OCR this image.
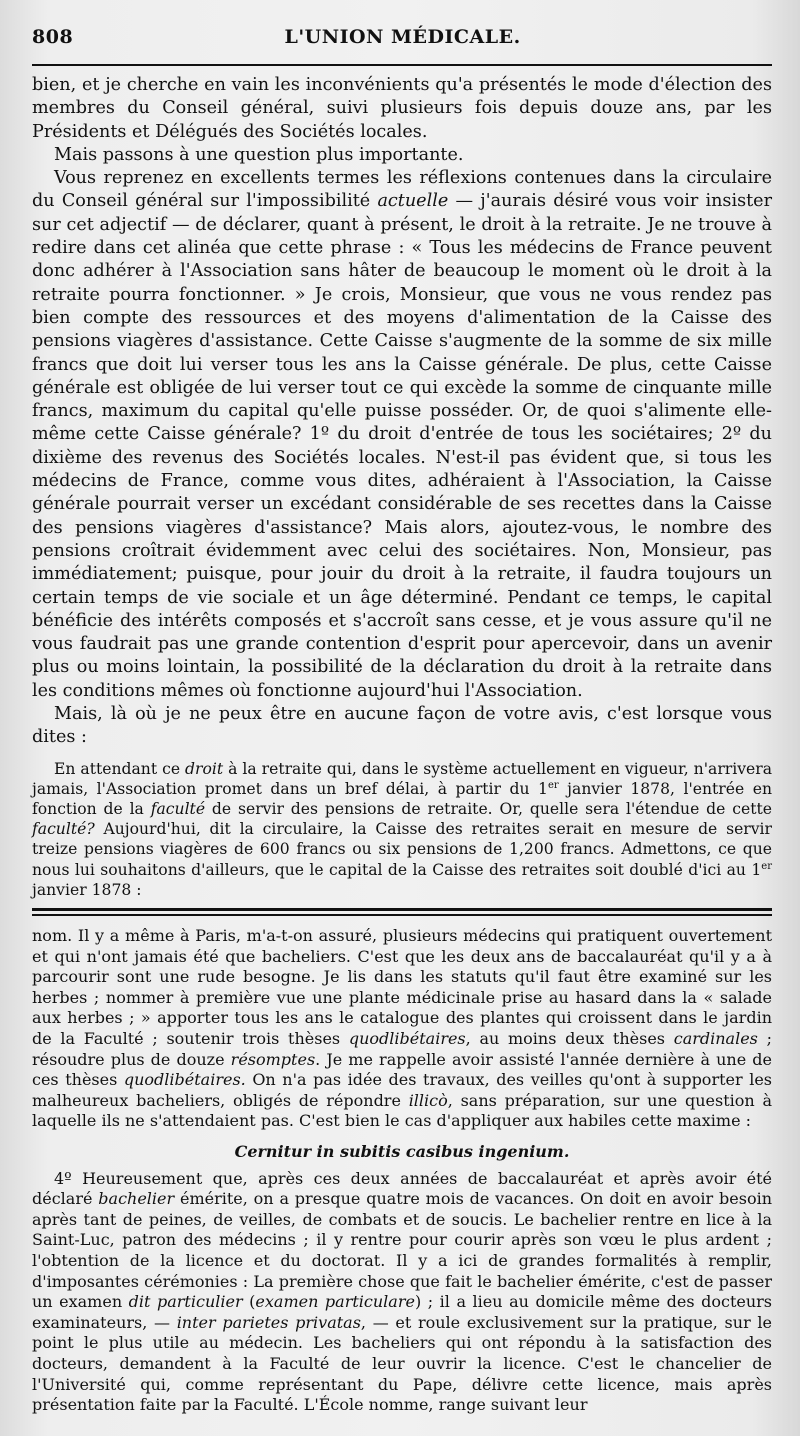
808	L'UNION MÉDICALE.

bien, et je cherche en vain les inconvénients qu'a présentés le mode d'élection des membres du Conseil général, suivi plusieurs fois depuis douze ans, par les Présidents et Délégués des Sociétés locales.

Mais passons à une question plus importante.

Vous reprenez en excellents termes les réflexions contenues dans la circulaire du Conseil général sur l'impossibilité actuelle — j'aurais désiré vous voir insister sur cet adjectif — de déclarer, quant à présent, le droit à la retraite. Je ne trouve à redire dans cet alinéa que cette phrase : « Tous les médecins de France peuvent donc adhérer à l'Association sans hâter de beaucoup le moment où le droit à la retraite pourra fonctionner. » Je crois, Monsieur, que vous ne vous rendez pas bien compte des ressources et des moyens d'alimentation de la Caisse des pensions viagères d'assistance. Cette Caisse s'augmente de la somme de six mille francs que doit lui verser tous les ans la Caisse générale. De plus, cette Caisse générale est obligée de lui verser tout ce qui excède la somme de cinquante mille francs, maximum du capital qu'elle puisse posséder. Or, de quoi s'alimente elle-même cette Caisse générale? 1º du droit d'entrée de tous les sociétaires; 2º du dixième des revenus des Sociétés locales. N'est-il pas évident que, si tous les médecins de France, comme vous dites, adhéraient à l'Association, la Caisse générale pourrait verser un excédant considérable de ses recettes dans la Caisse des pensions viagères d'assistance? Mais alors, ajoutez-vous, le nombre des pensions croîtrait évidemment avec celui des sociétaires. Non, Monsieur, pas immédiatement; puisque, pour jouir du droit à la retraite, il faudra toujours un certain temps de vie sociale et un âge déterminé. Pendant ce temps, le capital bénéficie des intérêts composés et s'accroît sans cesse, et je vous assure qu'il ne vous faudrait pas une grande contention d'esprit pour apercevoir, dans un avenir plus ou moins lointain, la possibilité de la déclaration du droit à la retraite dans les conditions mêmes où fonctionne aujourd'hui l'Association.

Mais, là où je ne peux être en aucune façon de votre avis, c'est lorsque vous dites :

En attendant ce droit à la retraite qui, dans le système actuellement en vigueur, n'arrivera jamais, l'Association promet dans un bref délai, à partir du 1er janvier 1878, l'entrée en fonction de la faculté de servir des pensions de retraite. Or, quelle sera l'étendue de cette faculté? Aujourd'hui, dit la circulaire, la Caisse des retraites serait en mesure de servir treize pensions viagères de 600 francs ou six pensions de 1,200 francs. Admettons, ce que nous lui souhaitons d'ailleurs, que le capital de la Caisse des retraites soit doublé d'ici au 1er janvier 1878 :

nom. Il y a même à Paris, m'a-t-on assuré, plusieurs médecins qui pratiquent ouvertement et qui n'ont jamais été que bacheliers. C'est que les deux ans de baccalauréat qu'il y a à parcourir sont une rude besogne. Je lis dans les statuts qu'il faut être examiné sur les herbes ; nommer à première vue une plante médicinale prise au hasard dans la « salade aux herbes ; » apporter tous les ans le catalogue des plantes qui croissent dans le jardin de la Faculté ; soutenir trois thèses quodlibétaires, au moins deux thèses cardinales ; résoudre plus de douze résomptes. Je me rappelle avoir assisté l'année dernière à une de ces thèses quodlibétaires. On n'a pas idée des travaux, des veilles qu'ont à supporter les malheureux bacheliers, obligés de répondre illicò, sans préparation, sur une question à laquelle ils ne s'attendaient pas. C'est bien le cas d'appliquer aux habiles cette maxime :

Cernitur in subitis casibus ingenium.

4º Heureusement que, après ces deux années de baccalauréat et après avoir été déclaré bachelier émérite, on a presque quatre mois de vacances. On doit en avoir besoin après tant de peines, de veilles, de combats et de soucis. Le bachelier rentre en lice à la Saint-Luc, patron des médecins ; il y rentre pour courir après son vœu le plus ardent ; l'obtention de la licence et du doctorat. Il y a ici de grandes formalités à remplir, d'imposantes cérémonies : La première chose que fait le bachelier émérite, c'est de passer un examen dit particulier (examen particulare) ; il a lieu au domicile même des docteurs examinateurs, — inter parietes privatas, — et roule exclusivement sur la pratique, sur le point le plus utile au médecin. Les bacheliers qui ont répondu à la satisfaction des docteurs, demandent à la Faculté de leur ouvrir la licence. C'est le chancelier de l'Université qui, comme représentant du Pape, délivre cette licence, mais après présentation faite par la Faculté. L'École nomme, range suivant leur
